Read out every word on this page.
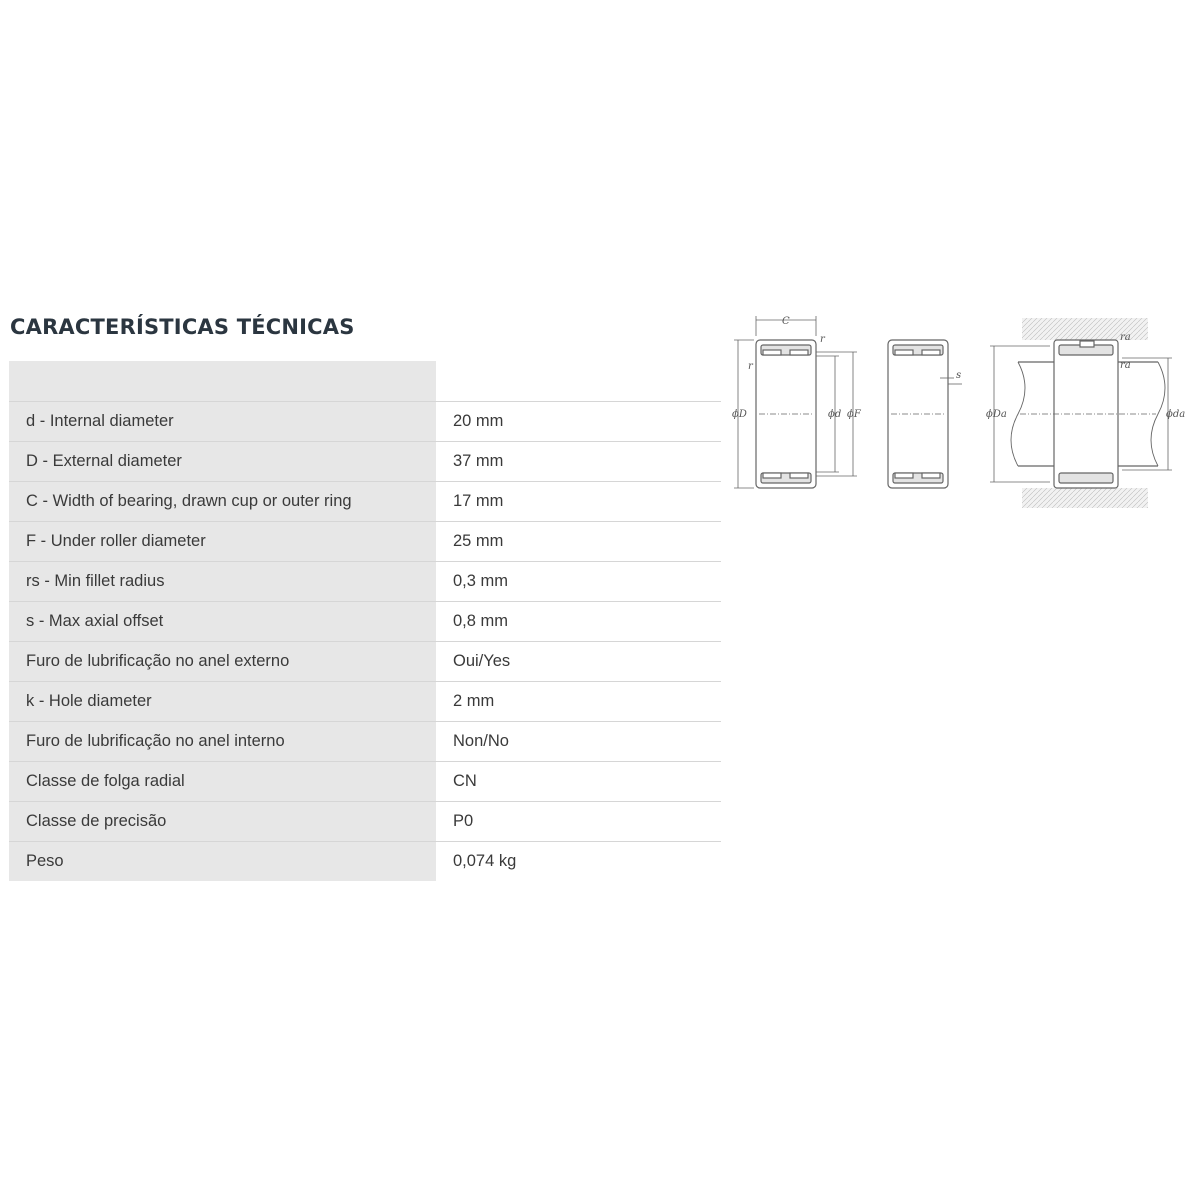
CARACTERÍSTICAS TÉCNICAS

d - Internal diameter	20 mm
D - External diameter	37 mm
C - Width of bearing, drawn cup or outer ring	17 mm
F - Under roller diameter	25 mm
rs - Min fillet radius	0,3 mm
s - Max axial offset	0,8 mm
Furo de lubrificação no anel externo	Oui/Yes
k - Hole diameter	2 mm
Furo de lubrificação no anel interno	Non/No
Classe de folga radial	CN
Classe de precisão	P0
Peso	0,074 kg
C
r
r
ϕD	ϕd ϕF
s
ra
ra
ϕDa	ϕda
